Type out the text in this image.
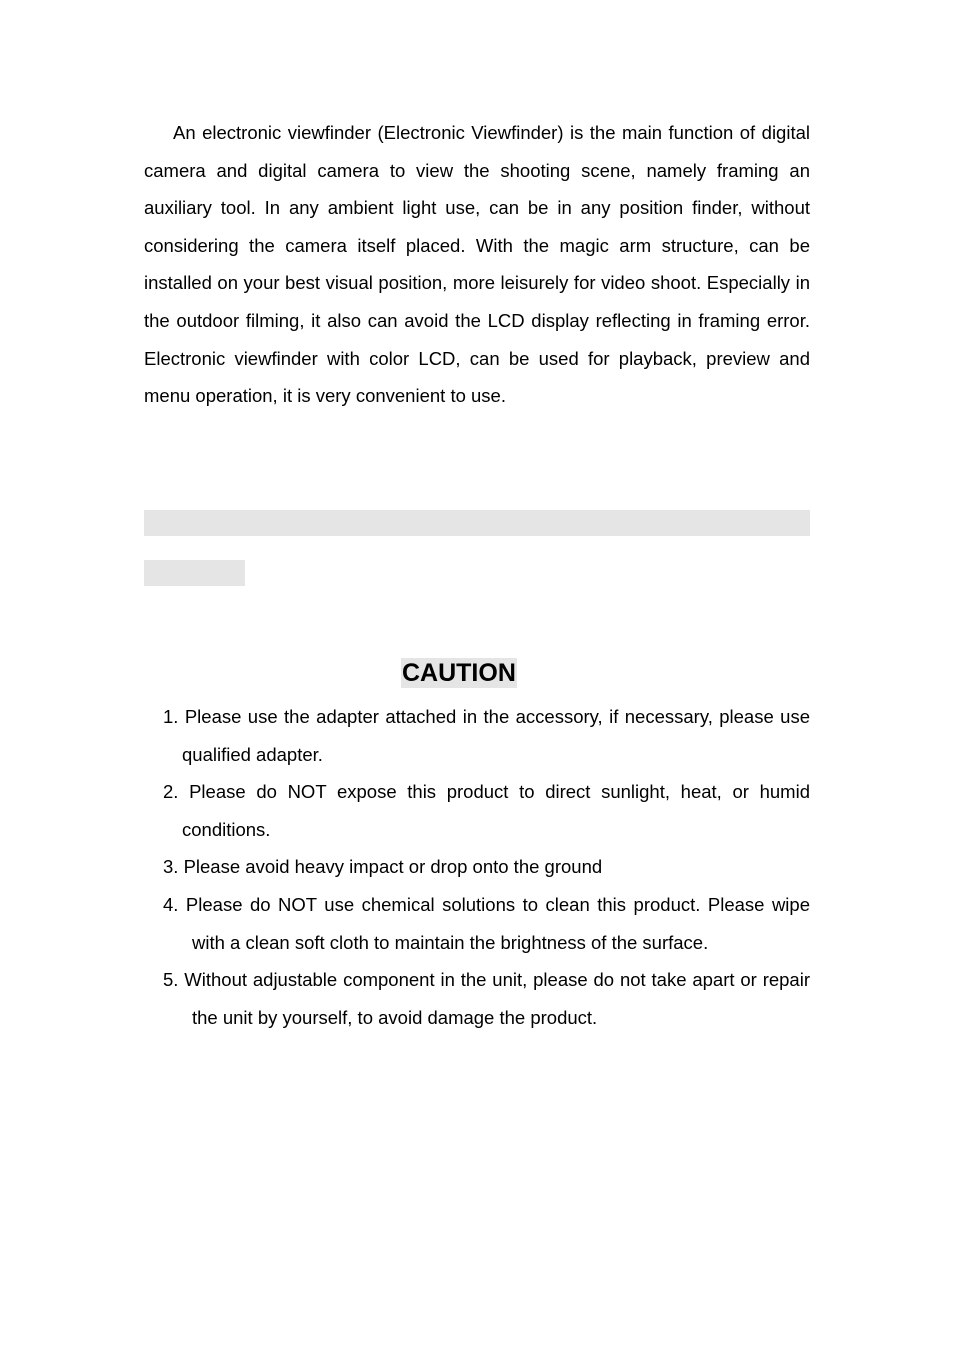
An electronic viewfinder (Electronic Viewfinder) is the main function of digital camera and digital camera to view the shooting scene, namely framing an auxiliary tool. In any ambient light use, can be in any position finder, without considering the camera itself placed. With the magic arm structure, can be installed on your best visual position, more leisurely for video shoot. Especially in the outdoor filming, it also can avoid the LCD display reflecting in framing error. Electronic viewfinder with color LCD, can be used for playback, preview and menu operation, it is very convenient to use.

CAUTION
1. Please use the adapter attached in the accessory, if necessary, please use qualified adapter.
2. Please do NOT expose this product to direct sunlight, heat, or humid conditions.
3. Please avoid heavy impact or drop onto the ground
4. Please do NOT use chemical solutions to clean this product. Please wipe with a clean soft cloth to maintain the brightness of the surface.
5. Without adjustable component in the unit, please do not take apart or repair the unit by yourself, to avoid damage the product.
